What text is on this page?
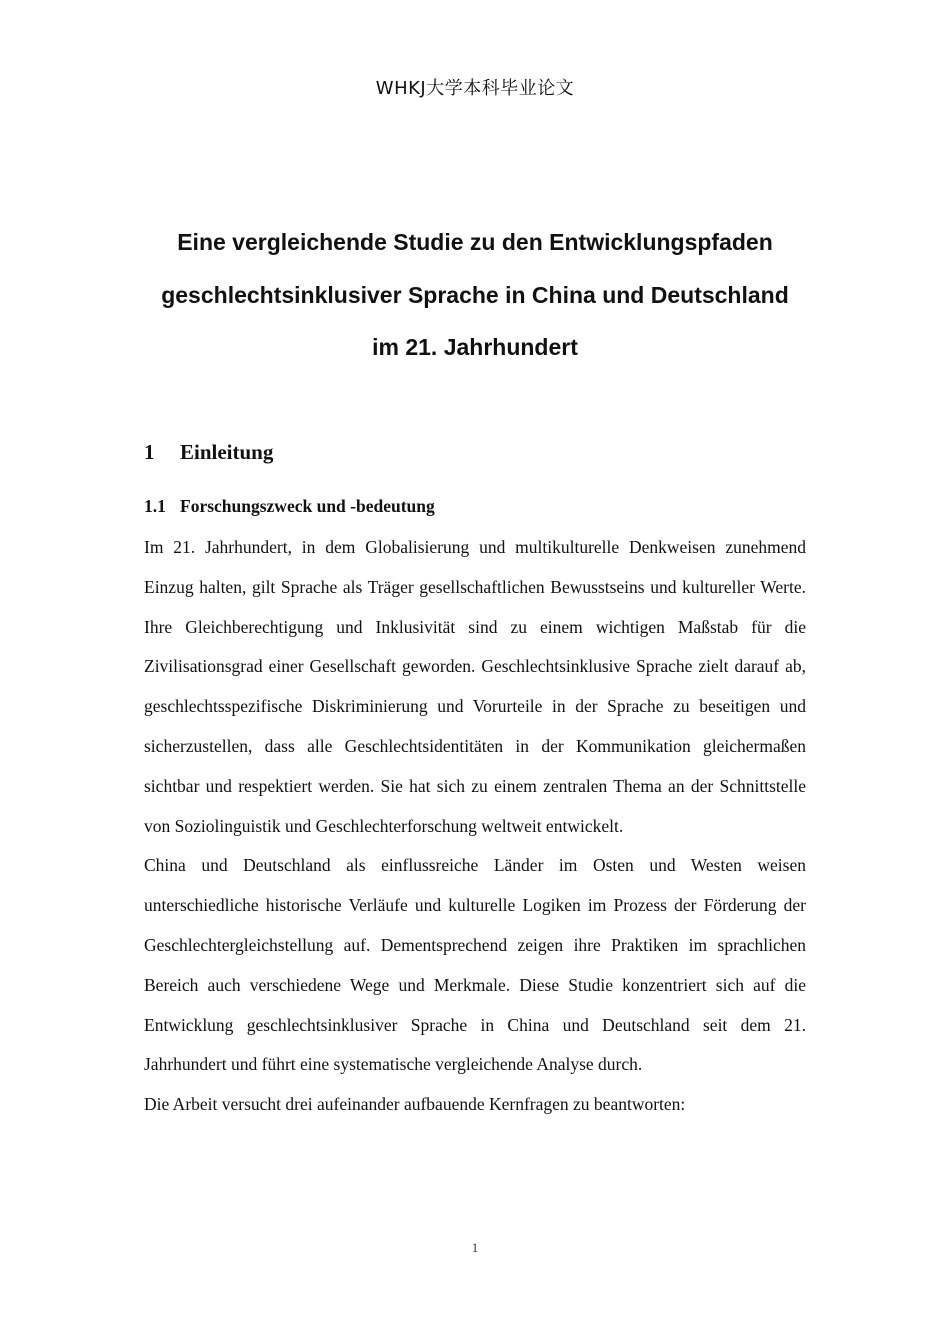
WHKJ大学本科毕业论文
Eine vergleichende Studie zu den Entwicklungspfaden
geschlechtsinklusiver Sprache in China und Deutschland
im 21. Jahrhundert
1 Einleitung
1.1 Forschungszweck und -bedeutung

Im 21. Jahrhundert, in dem Globalisierung und multikulturelle Denkweisen zunehmend Einzug halten, gilt Sprache als Träger gesellschaftlichen Bewusstseins und kultureller Werte. Ihre Gleichberechtigung und Inklusivität sind zu einem wichtigen Maßstab für die Zivilisationsgrad einer Gesellschaft geworden. Geschlechtsinklusive Sprache zielt darauf ab, geschlechtsspezifische Diskriminierung und Vorurteile in der Sprache zu beseitigen und sicherzustellen, dass alle Geschlechtsidentitäten in der Kommunikation gleichermaßen sichtbar und respektiert werden. Sie hat sich zu einem zentralen Thema an der Schnittstelle von Soziolinguistik und Geschlechterforschung weltweit entwickelt.

China und Deutschland als einflussreiche Länder im Osten und Westen weisen unterschiedliche historische Verläufe und kulturelle Logiken im Prozess der Förderung der Geschlechtergleichstellung auf. Dementsprechend zeigen ihre Praktiken im sprachlichen Bereich auch verschiedene Wege und Merkmale. Diese Studie konzentriert sich auf die Entwicklung geschlechtsinklusiver Sprache in China und Deutschland seit dem 21. Jahrhundert und führt eine systematische vergleichende Analyse durch.

Die Arbeit versucht drei aufeinander aufbauende Kernfragen zu beantworten:

1
